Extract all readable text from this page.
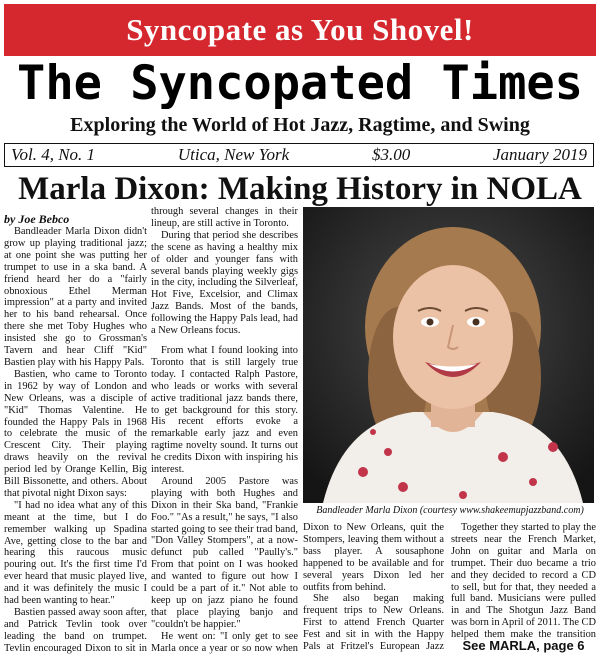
Syncopate as You Shovel!
The Syncopated Times
Exploring the World of Hot Jazz, Ragtime, and Swing
Vol. 4, No. 1	Utica, New York	$3.00	January 2019
Marla Dixon: Making History in NOLA
by Joe Bebco

Bandleader Marla Dixon didn't grow up playing traditional jazz; at one point she was putting her trumpet to use in a ska band. A friend heard her do a "fairly obnoxious Ethel Merman impression" at a party and invited her to his band rehearsal. Once there she met Toby Hughes who insisted she go to Grossman's Tavern and hear Cliff "Kid" Bastien play with his Happy Pals.

Bastien, who came to Toronto in 1962 by way of London and New Orleans, was a disciple of "Kid" Thomas Valentine. He founded the Happy Pals in 1968 to celebrate the music of the Crescent City. Their playing draws heavily on the revival period led by Orange Kellin, Big Bill Bissonette, and others. About that pivotal night Dixon says:

"I had no idea what any of this meant at the time, but I do remember walking up Spadina Ave, getting close to the bar and hearing this raucous music pouring out. It's the first time I'd ever heard that music played live, and it was definitely the music I had been wanting to hear."

Bastien passed away soon after, and Patrick Tevlin took over leading the band on trumpet. Tevlin encouraged Dixon to sit in

through several changes in their lineup, are still active in Toronto.

During that period she describes the scene as having a healthy mix of older and younger fans with several bands playing weekly gigs in the city, including the Silverleaf, Hot Five, Excelsior, and Climax Jazz Bands. Most of the bands, following the Happy Pals lead, had a New Orleans focus.

From what I found looking into Toronto that is still largely true today. I contacted Ralph Pastore, who leads or works with several active traditional jazz bands there, to get background for this story. His recent efforts evoke a remarkable early jazz and even ragtime novelty sound. It turns out he credits Dixon with inspiring his interest.

Around 2005 Pastore was playing with both Hughes and Dixon in their Ska band, "Frankie Foo." "As a result," he says, "I also started going to see their trad band, "Don Valley Stompers", at a now-defunct pub called "Paully's." From that point on I was hooked and wanted to figure out how I could be a part of it." Not able to keep up on jazz piano he found that place playing banjo and "couldn't be happier."

He went on: "I only get to see Marla once a year or so now when

Bandleader Marla Dixon (courtesy www.shakeemupjazzband.com)

Dixon to New Orleans, quit the Stompers, leaving them without a bass player. A sousaphone happened to be available and for several years Dixon led her outfits from behind.

She also began making frequent trips to New Orleans. First to attend French Quarter Fest and sit in with the Happy Pals at Fritzel's European Jazz

Together they started to play the streets near the French Market, John on guitar and Marla on trumpet. Their duo became a trio and they decided to record a CD to sell, but for that, they needed a full band. Musicians were pulled in and The Shotgun Jazz Band was born in April of 2011. The CD helped them make the transition

See MARLA, page 6
